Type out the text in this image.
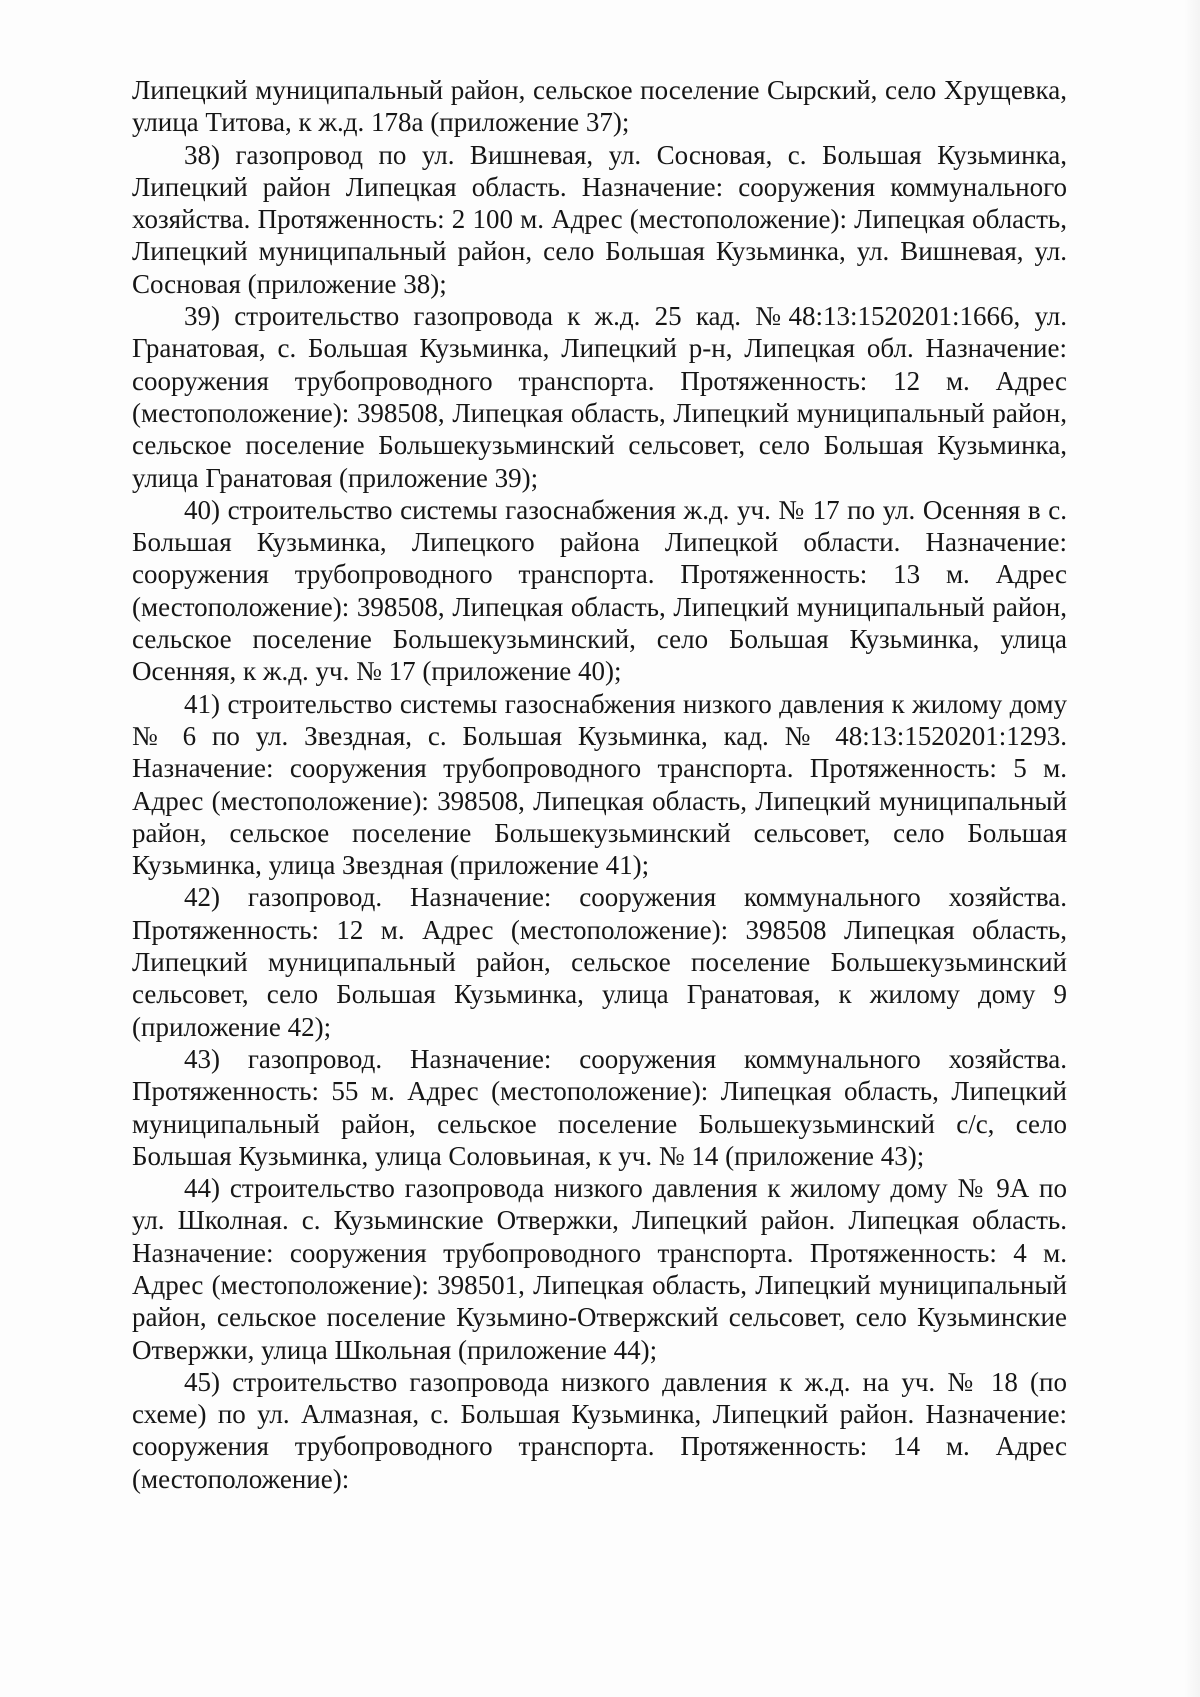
Липецкий муниципальный район, сельское поселение Сырский, село Хрущевка, улица Титова, к ж.д. 178а (приложение 37);

38) газопровод по ул. Вишневая, ул. Сосновая, с. Большая Кузьминка, Липецкий район Липецкая область. Назначение: сооружения коммунального хозяйства. Протяженность: 2 100 м. Адрес (местоположение): Липецкая область, Липецкий муниципальный район, село Большая Кузьминка, ул. Вишневая, ул. Сосновая (приложение 38);

39) строительство газопровода к ж.д. 25 кад. №48:13:1520201:1666, ул. Гранатовая, с. Большая Кузьминка, Липецкий р-н, Липецкая обл. Назначение: сооружения трубопроводного транспорта. Протяженность: 12 м. Адрес (местоположение): 398508, Липецкая область, Липецкий муниципальный район, сельское поселение Большекузьминский сельсовет, село Большая Кузьминка, улица Гранатовая (приложение 39);

40) строительство системы газоснабжения ж.д. уч. № 17 по ул. Осенняя в с. Большая Кузьминка, Липецкого района Липецкой области. Назначение: сооружения трубопроводного транспорта. Протяженность: 13 м. Адрес (местоположение): 398508, Липецкая область, Липецкий муниципальный район, сельское поселение Большекузьминский, село Большая Кузьминка, улица Осенняя, к ж.д. уч. № 17 (приложение 40);

41) строительство системы газоснабжения низкого давления к жилому дому № 6 по ул. Звездная, с. Большая Кузьминка, кад. № 48:13:1520201:1293. Назначение: сооружения трубопроводного транспорта. Протяженность: 5 м. Адрес (местоположение): 398508, Липецкая область, Липецкий муниципальный район, сельское поселение Большекузьминский сельсовет, село Большая Кузьминка, улица Звездная (приложение 41);

42) газопровод. Назначение: сооружения коммунального хозяйства. Протяженность: 12 м. Адрес (местоположение): 398508 Липецкая область, Липецкий муниципальный район, сельское поселение Большекузьминский сельсовет, село Большая Кузьминка, улица Гранатовая, к жилому дому 9 (приложение 42);

43) газопровод. Назначение: сооружения коммунального хозяйства. Протяженность: 55 м. Адрес (местоположение): Липецкая область, Липецкий муниципальный район, сельское поселение Большекузьминский с/с, село Большая Кузьминка, улица Соловьиная, к уч. № 14 (приложение 43);

44) строительство газопровода низкого давления к жилому дому № 9А по ул. Школная. с. Кузьминские Отвержки, Липецкий район. Липецкая область. Назначение: сооружения трубопроводного транспорта. Протяженность: 4 м. Адрес (местоположение): 398501, Липецкая область, Липецкий муниципальный район, сельское поселение Кузьмино-Отвержский сельсовет, село Кузьминские Отвержки, улица Школьная (приложение 44);

45) строительство газопровода низкого давления к ж.д. на уч. № 18 (по схеме) по ул. Алмазная, с. Большая Кузьминка, Липецкий район. Назначение: сооружения трубопроводного транспорта. Протяженность: 14 м. Адрес (местоположение):
